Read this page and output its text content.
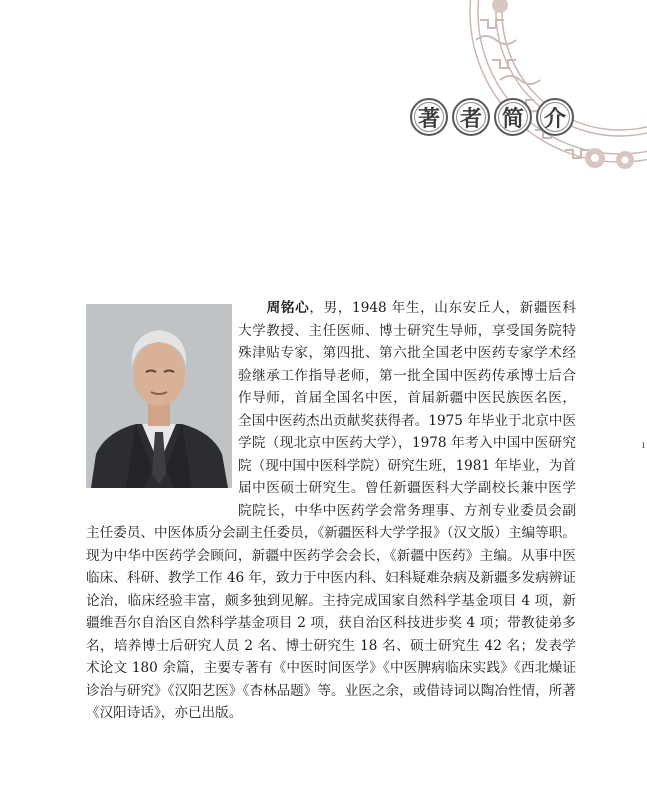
著 者 简 介

周铭心，男，1948 年生，山东安丘人，新疆医科大学教授、主任医师、博士研究生导师，享受国务院特殊津贴专家，第四批、第六批全国老中医药专家学术经验继承工作指导老师，第一批全国中医药传承博士后合作导师，首届全国名中医，首届新疆中医民族医名医，全国中医药杰出贡献奖获得者。1975 年毕业于北京中医学院（现北京中医药大学），1978 年考入中国中医研究院（现中国中医科学院）研究生班，1981 年毕业，为首届中医硕士研究生。曾任新疆医科大学副校长兼中医学院院长，中华中医药学会常务理事、方剂专业委员会副主任委员、中医体质分会副主任委员，《新疆医科大学学报》（汉文版）主编等职。现为中华中医药学会顾问，新疆中医药学会会长，《新疆中医药》主编。从事中医临床、科研、教学工作 46 年，致力于中医内科、妇科疑难杂病及新疆多发病辨证论治，临床经验丰富，颇多独到见解。主持完成国家自然科学基金项目 4 项，新疆维吾尔自治区自然科学基金项目 2 项，获自治区科技进步奖 4 项；带教徒弟多名，培养博士后研究人员 2 名、博士研究生 18 名、硕士研究生 42 名；发表学术论文 180 余篇，主要专著有《中医时间医学》《中医脾病临床实践》《西北燥证诊治与研究》《汉阳艺医》《杏林品题》等。业医之余，或借诗词以陶冶性情，所著《汉阳诗话》，亦已出版。

ı
